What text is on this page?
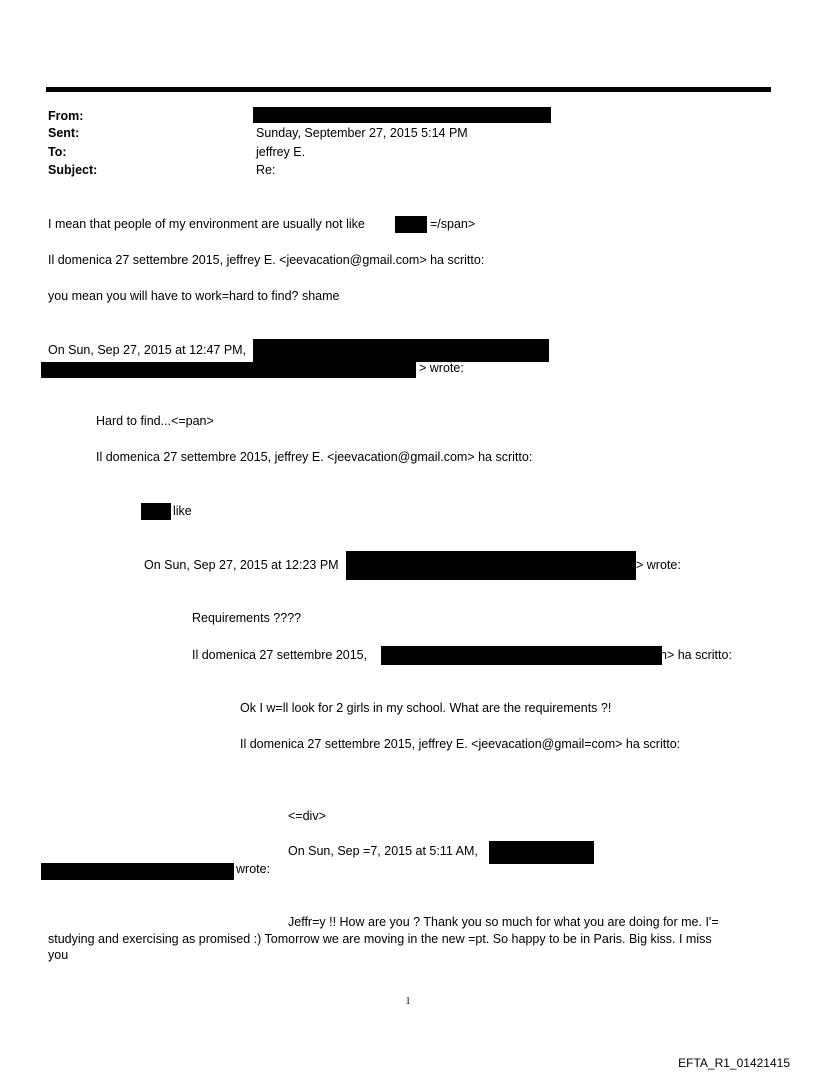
From:
Sent:	Sunday, September 27, 2015 5:14 PM
To:	jeffrey E.
Subject:	Re:
I mean that people of my environment are usually not like	=/span>
Il domenica 27 settembre 2015, jeffrey E. <jeevacation@gmail.com> ha scritto:
you mean you will have to work=hard to find? shame
On Sun, Sep 27, 2015 at 12:47 PM,
> wrote:
Hard to find...<=pan>
Il domenica 27 settembre 2015, jeffrey E. <jeevacation@gmail.com> ha scritto:
like
On Sun, Sep 27, 2015 at 12:23 PM	> wrote:
Requirements ????
Il domenica 27 settembre 2015,	n> ha scritto:
Ok I w=ll look for 2 girls in my school. What are the requirements ?!
Il domenica 27 settembre 2015, jeffrey E. <jeevacation@gmail=com> ha scritto:
<=div>
On Sun, Sep =7, 2015 at 5:11 AM,
wrote:
Jeffr=y !! How are you ? Thank you so much for what you are doing for me. I'=
studying and exercising as promised :) Tomorrow we are moving in the new =pt. So happy to be in Paris. Big kiss. I miss
you
1
EFTA_R1_01421415
